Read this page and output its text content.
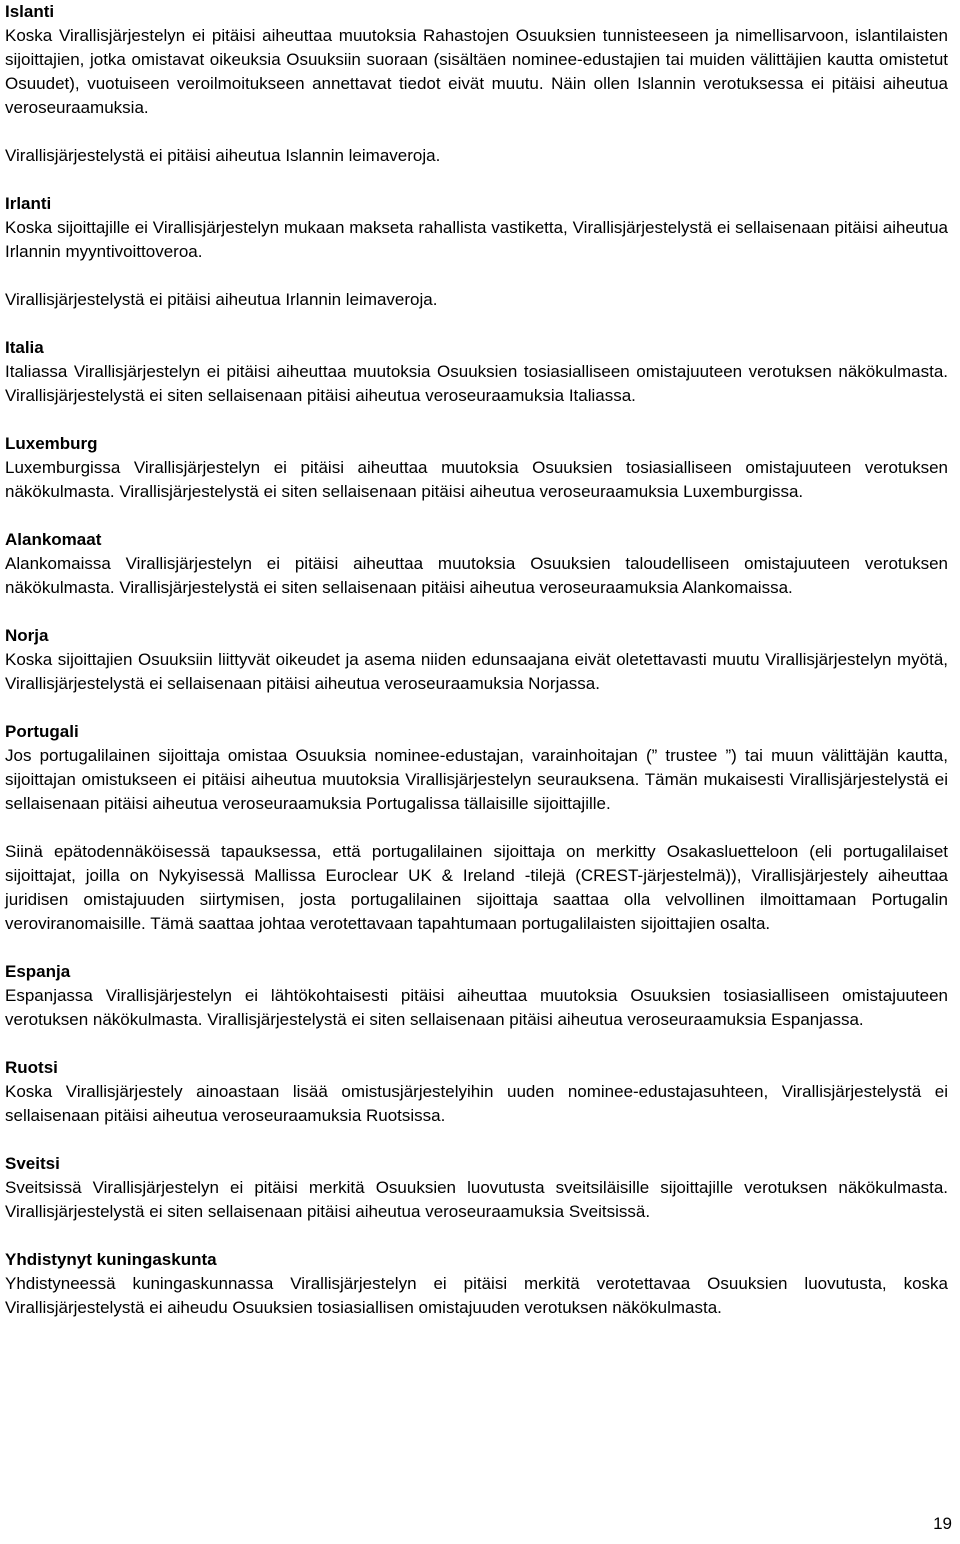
Islanti

Koska Virallisjärjestelyn ei pitäisi aiheuttaa muutoksia Rahastojen Osuuksien tunnisteeseen ja nimellisarvoon, islantilaisten sijoittajien, jotka omistavat oikeuksia Osuuksiin suoraan (sisältäen nominee-edustajien tai muiden välittäjien kautta omistetut Osuudet), vuotuiseen veroilmoitukseen annettavat tiedot eivät muutu. Näin ollen Islannin verotuksessa ei pitäisi aiheutua veroseuraamuksia.

Virallisjärjestelystä ei pitäisi aiheutua Islannin leimaveroja.

Irlanti

Koska sijoittajille ei Virallisjärjestelyn mukaan makseta rahallista vastiketta, Virallisjärjestelystä ei sellaisenaan pitäisi aiheutua Irlannin myyntivoittoveroa.

Virallisjärjestelystä ei pitäisi aiheutua Irlannin leimaveroja.

Italia

Italiassa Virallisjärjestelyn ei pitäisi aiheuttaa muutoksia Osuuksien tosiasialliseen omistajuuteen verotuksen näkökulmasta. Virallisjärjestelystä ei siten sellaisenaan pitäisi aiheutua veroseuraamuksia Italiassa.

Luxemburg

Luxemburgissa Virallisjärjestelyn ei pitäisi aiheuttaa muutoksia Osuuksien tosiasialliseen omistajuuteen verotuksen näkökulmasta. Virallisjärjestelystä ei siten sellaisenaan pitäisi aiheutua veroseuraamuksia Luxemburgissa.

Alankomaat

Alankomaissa Virallisjärjestelyn ei pitäisi aiheuttaa muutoksia Osuuksien taloudelliseen omistajuuteen verotuksen näkökulmasta. Virallisjärjestelystä ei siten sellaisenaan pitäisi aiheutua veroseuraamuksia Alankomaissa.

Norja

Koska sijoittajien Osuuksiin liittyvät oikeudet ja asema niiden edunsaajana eivät oletettavasti muutu Virallisjärjestelyn myötä, Virallisjärjestelystä ei sellaisenaan pitäisi aiheutua veroseuraamuksia Norjassa.

Portugali

Jos portugalilainen sijoittaja omistaa Osuuksia nominee-edustajan, varainhoitajan (” trustee ”) tai muun välittäjän kautta, sijoittajan omistukseen ei pitäisi aiheutua muutoksia Virallisjärjestelyn seurauksena. Tämän mukaisesti Virallisjärjestelystä ei sellaisenaan pitäisi aiheutua veroseuraamuksia Portugalissa tällaisille sijoittajille.

Siinä epätodennäköisessä tapauksessa, että portugalilainen sijoittaja on merkitty Osakasluetteloon (eli portugalilaiset sijoittajat, joilla on Nykyisessä Mallissa Euroclear UK & Ireland -tilejä (CREST-järjestelmä)), Virallisjärjestely aiheuttaa juridisen omistajuuden siirtymisen, josta portugalilainen sijoittaja saattaa olla velvollinen ilmoittamaan Portugalin veroviranomaisille. Tämä saattaa johtaa verotettavaan tapahtumaan portugalilaisten sijoittajien osalta.

Espanja

Espanjassa Virallisjärjestelyn ei lähtökohtaisesti pitäisi aiheuttaa muutoksia Osuuksien tosiasialliseen omistajuuteen verotuksen näkökulmasta. Virallisjärjestelystä ei siten sellaisenaan pitäisi aiheutua veroseuraamuksia Espanjassa.

Ruotsi

Koska Virallisjärjestely ainoastaan lisää omistusjärjestelyihin uuden nominee-edustajasuhteen, Virallisjärjestelystä ei sellaisenaan pitäisi aiheutua veroseuraamuksia Ruotsissa.

Sveitsi

Sveitsissä Virallisjärjestelyn ei pitäisi merkitä Osuuksien luovutusta sveitsiläisille sijoittajille verotuksen näkökulmasta. Virallisjärjestelystä ei siten sellaisenaan pitäisi aiheutua veroseuraamuksia Sveitsissä.

Yhdistynyt kuningaskunta

Yhdistyneessä kuningaskunnassa Virallisjärjestelyn ei pitäisi merkitä verotettavaa Osuuksien luovutusta, koska Virallisjärjestelystä ei aiheudu Osuuksien tosiasiallisen omistajuuden verotuksen näkökulmasta.

19
